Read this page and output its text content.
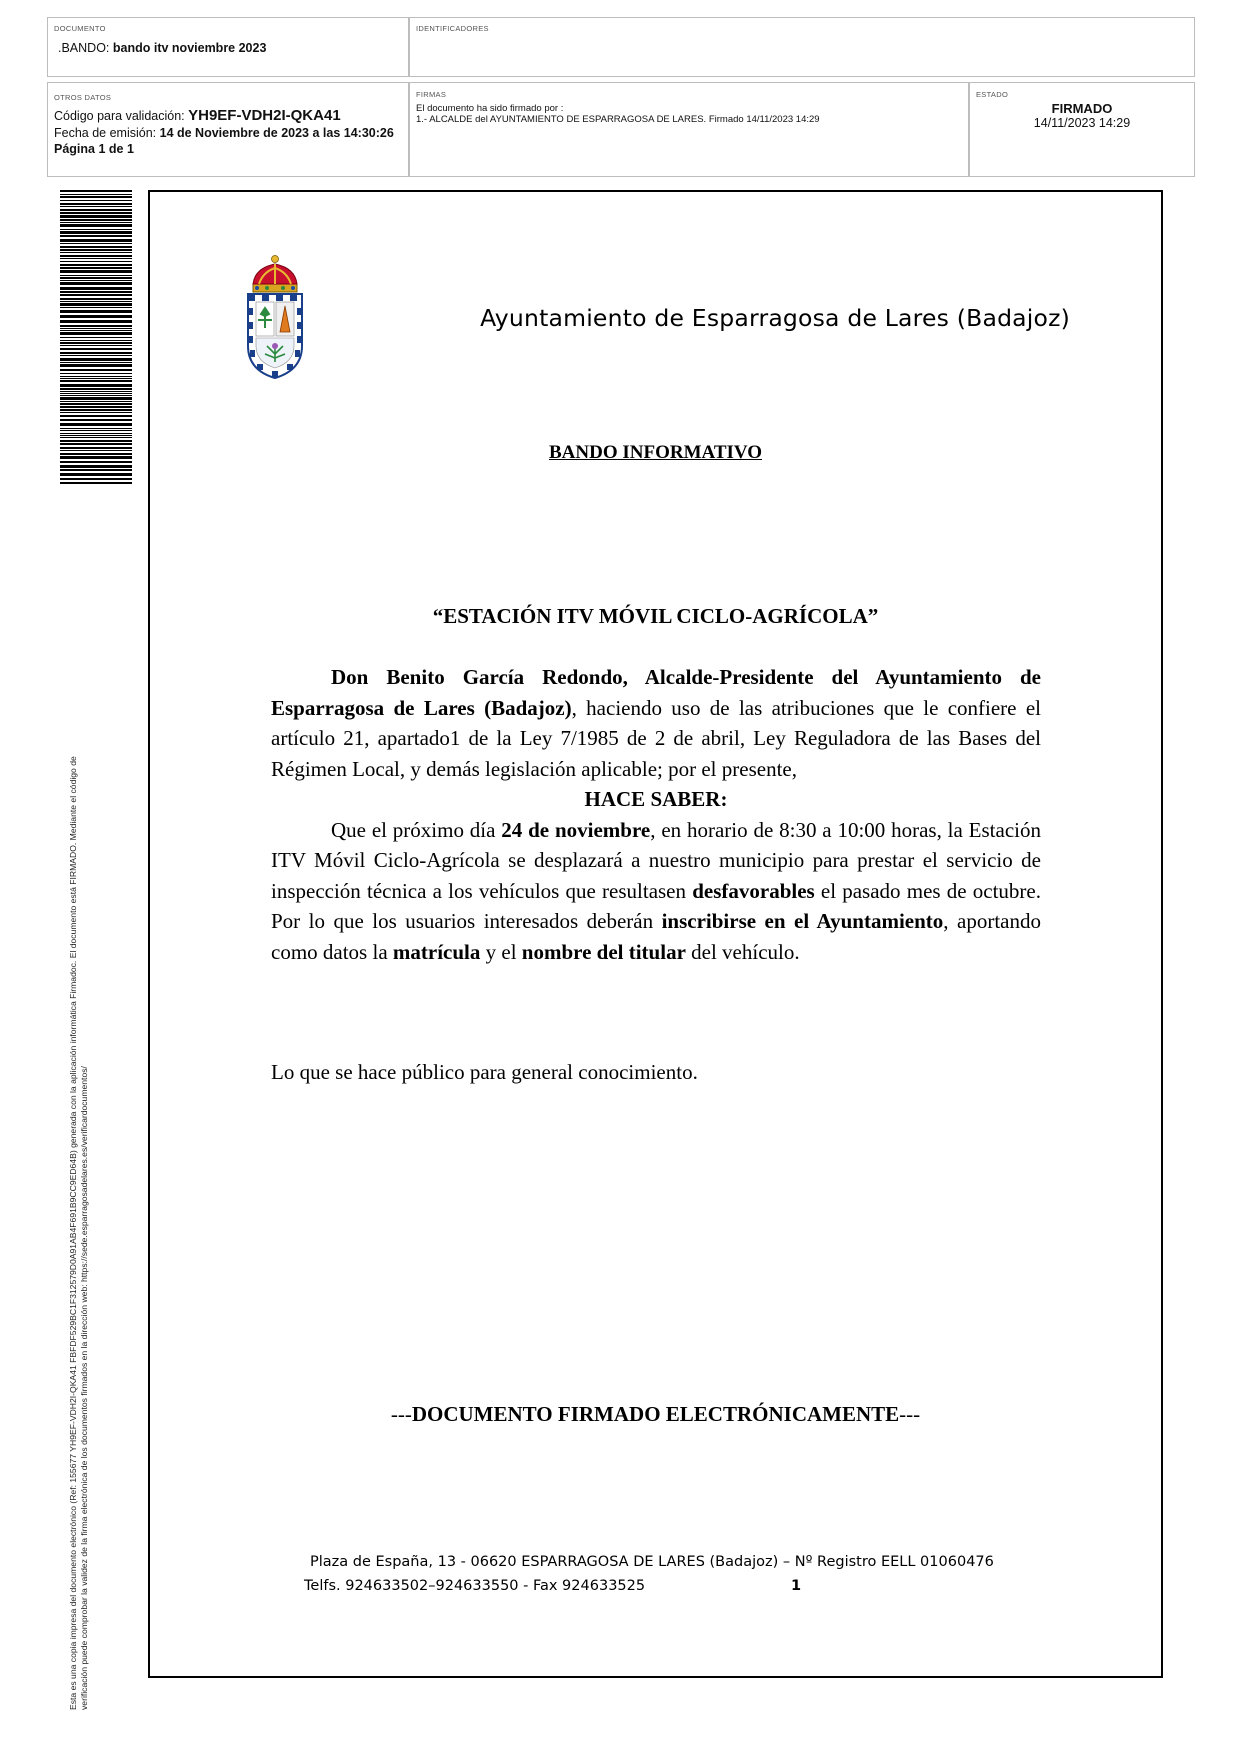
DOCUMENTO
.BANDO: bando itv noviembre 2023
IDENTIFICADORES
OTROS DATOS
Código para validación: YH9EF-VDH2I-QKA41
Fecha de emisión: 14 de Noviembre de 2023 a las 14:30:26
Página 1 de 1
FIRMAS
El documento ha sido firmado por :
1.- ALCALDE del AYUNTAMIENTO DE ESPARRAGOSA DE LARES. Firmado 14/11/2023 14:29
ESTADO
FIRMADO
14/11/2023 14:29
Esta es una copia impresa del documento electrónico (Ref: 155677 YH9EF-VDH2I-QKA41 FBFDF529BC1F312579D0A91AB4F691B9CC9ED64B) generada con la aplicación informática Firmadoc. El documento está FIRMADO. Mediante el código de verificación puede comprobar la validez de la firma electrónica de los documentos firmados en la dirección web: https://sede.esparragosadelares.es/verificardocumentos/
Ayuntamiento de Esparragosa de Lares (Badajoz)
BANDO INFORMATIVO
“ESTACIÓN ITV MÓVIL CICLO-AGRÍCOLA”
Don Benito García Redondo, Alcalde-Presidente del Ayuntamiento de Esparragosa de Lares (Badajoz), haciendo uso de las atribuciones que le confiere el artículo 21, apartado1 de la Ley 7/1985 de 2 de abril, Ley Reguladora de las Bases del Régimen Local, y demás legislación aplicable; por el presente,
HACE SABER:
Que el próximo día 24 de noviembre, en horario de 8:30 a 10:00 horas, la Estación ITV Móvil Ciclo-Agrícola se desplazará a nuestro municipio para prestar el servicio de inspección técnica a los vehículos que resultasen desfavorables el pasado mes de octubre. Por lo que los usuarios interesados deberán inscribirse en el Ayuntamiento, aportando como datos la matrícula y el nombre del titular del vehículo.
Lo que se hace público para general conocimiento.
---DOCUMENTO FIRMADO ELECTRÓNICAMENTE---
Plaza de España, 13 - 06620 ESPARRAGOSA DE LARES (Badajoz) – Nº Registro EELL 01060476
Telfs. 924633502–924633550 - Fax 924633525	1
